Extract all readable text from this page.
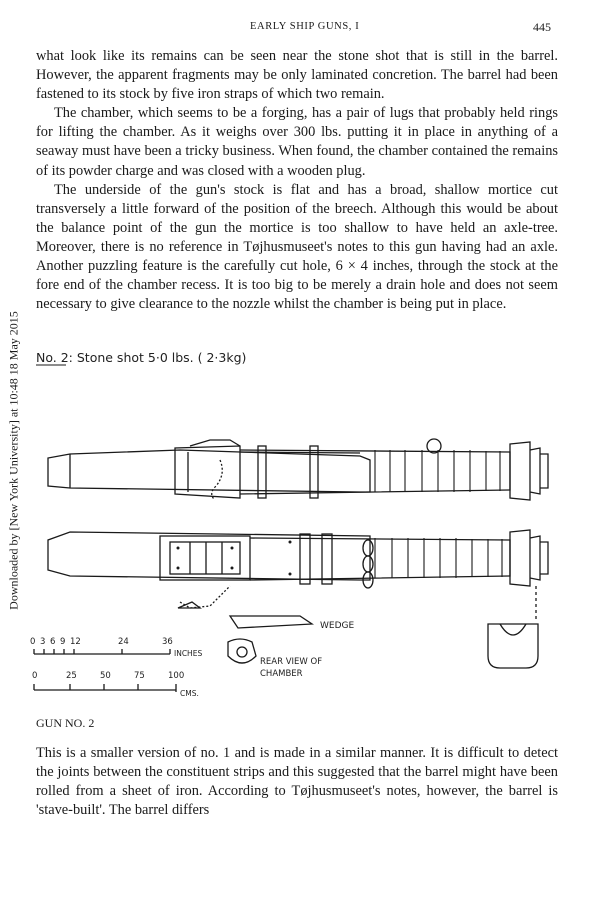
EARLY SHIP GUNS, I	445
Downloaded by [New York University] at 10:48 18 May 2015

what look like its remains can be seen near the stone shot that is still in the barrel. However, the apparent fragments may be only laminated concretion. The barrel had been fastened to its stock by five iron straps of which two remain.

The chamber, which seems to be a forging, has a pair of lugs that probably held rings for lifting the chamber. As it weighs over 300 lbs. putting it in place in anything of a seaway must have been a tricky business. When found, the chamber contained the remains of its powder charge and was closed with a wooden plug.

The underside of the gun's stock is flat and has a broad, shallow mortice cut transversely a little forward of the position of the breech. Although this would be about the balance point of the gun the mortice is too shallow to have held an axle-tree. Moreover, there is no reference in Tøjhusmuseet's notes to this gun having had an axle. Another puzzling feature is the carefully cut hole, 6 × 4 inches, through the stock at the fore end of the chamber recess. It is too big to be merely a drain hole and does not seem necessary to give clearance to the nozzle whilst the chamber is being put in place.

No. 2: Stone shot 5·0 lbs. ( 2·3kg)
WEDGE
REAR VIEW OF
CHAMBER
0 3 6 9 12	24	36
INCHES
0	25	50	75	100
CMS.
GUN NO. 2

This is a smaller version of no. 1 and is made in a similar manner. It is difficult to detect the joints between the constituent strips and this suggested that the barrel might have been rolled from a sheet of iron. According to Tøjhusmuseet's notes, however, the barrel is 'stave-built'. The barrel differs
